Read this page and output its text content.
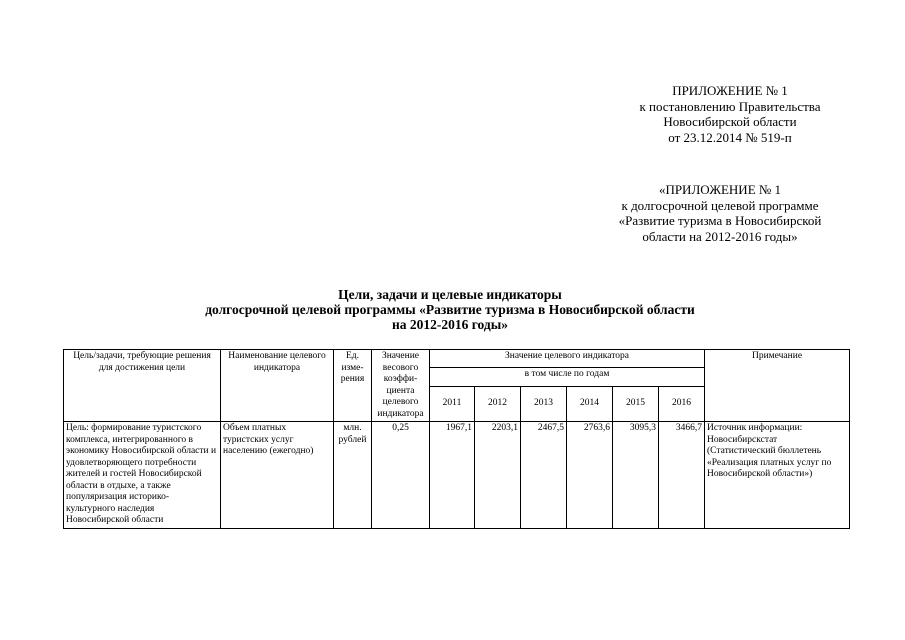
ПРИЛОЖЕНИЕ № 1
к постановлению Правительства
Новосибирской области
от 23.12.2014 № 519-п
«ПРИЛОЖЕНИЕ № 1
к долгосрочной целевой программе
«Развитие туризма в Новосибирской
области на 2012-2016 годы»
Цели, задачи и целевые индикаторы
долгосрочной целевой программы «Развитие туризма в Новосибирской области
на 2012-2016 годы»
Цель/задачи, требующие решения для достижения цели	Наименование целевого индикатора	Ед. изме- рения	Значение весового коэффи- циента целевого индикатора	Значение целевого индикатора						Примечание
				в том числе по годам						
				2011	2012	2013	2014	2015	2016	
Цель: формирование туристского комплекса, интегрированного в экономику Новосибирской области и удовлетворяющего потребности жителей и гостей Новосибирской области в отдыхе, а также популяризация историко-культурного наследия Новосибирской области	Объем платных туристских услуг населению (ежегодно)	млн. рублей	0,25	1967,1	2203,1	2467,5	2763,6	3095,3	3466,7	Источник информации: Новосибирскстат (Статистический бюллетень «Реализация платных услуг по Новосибирской области»)
